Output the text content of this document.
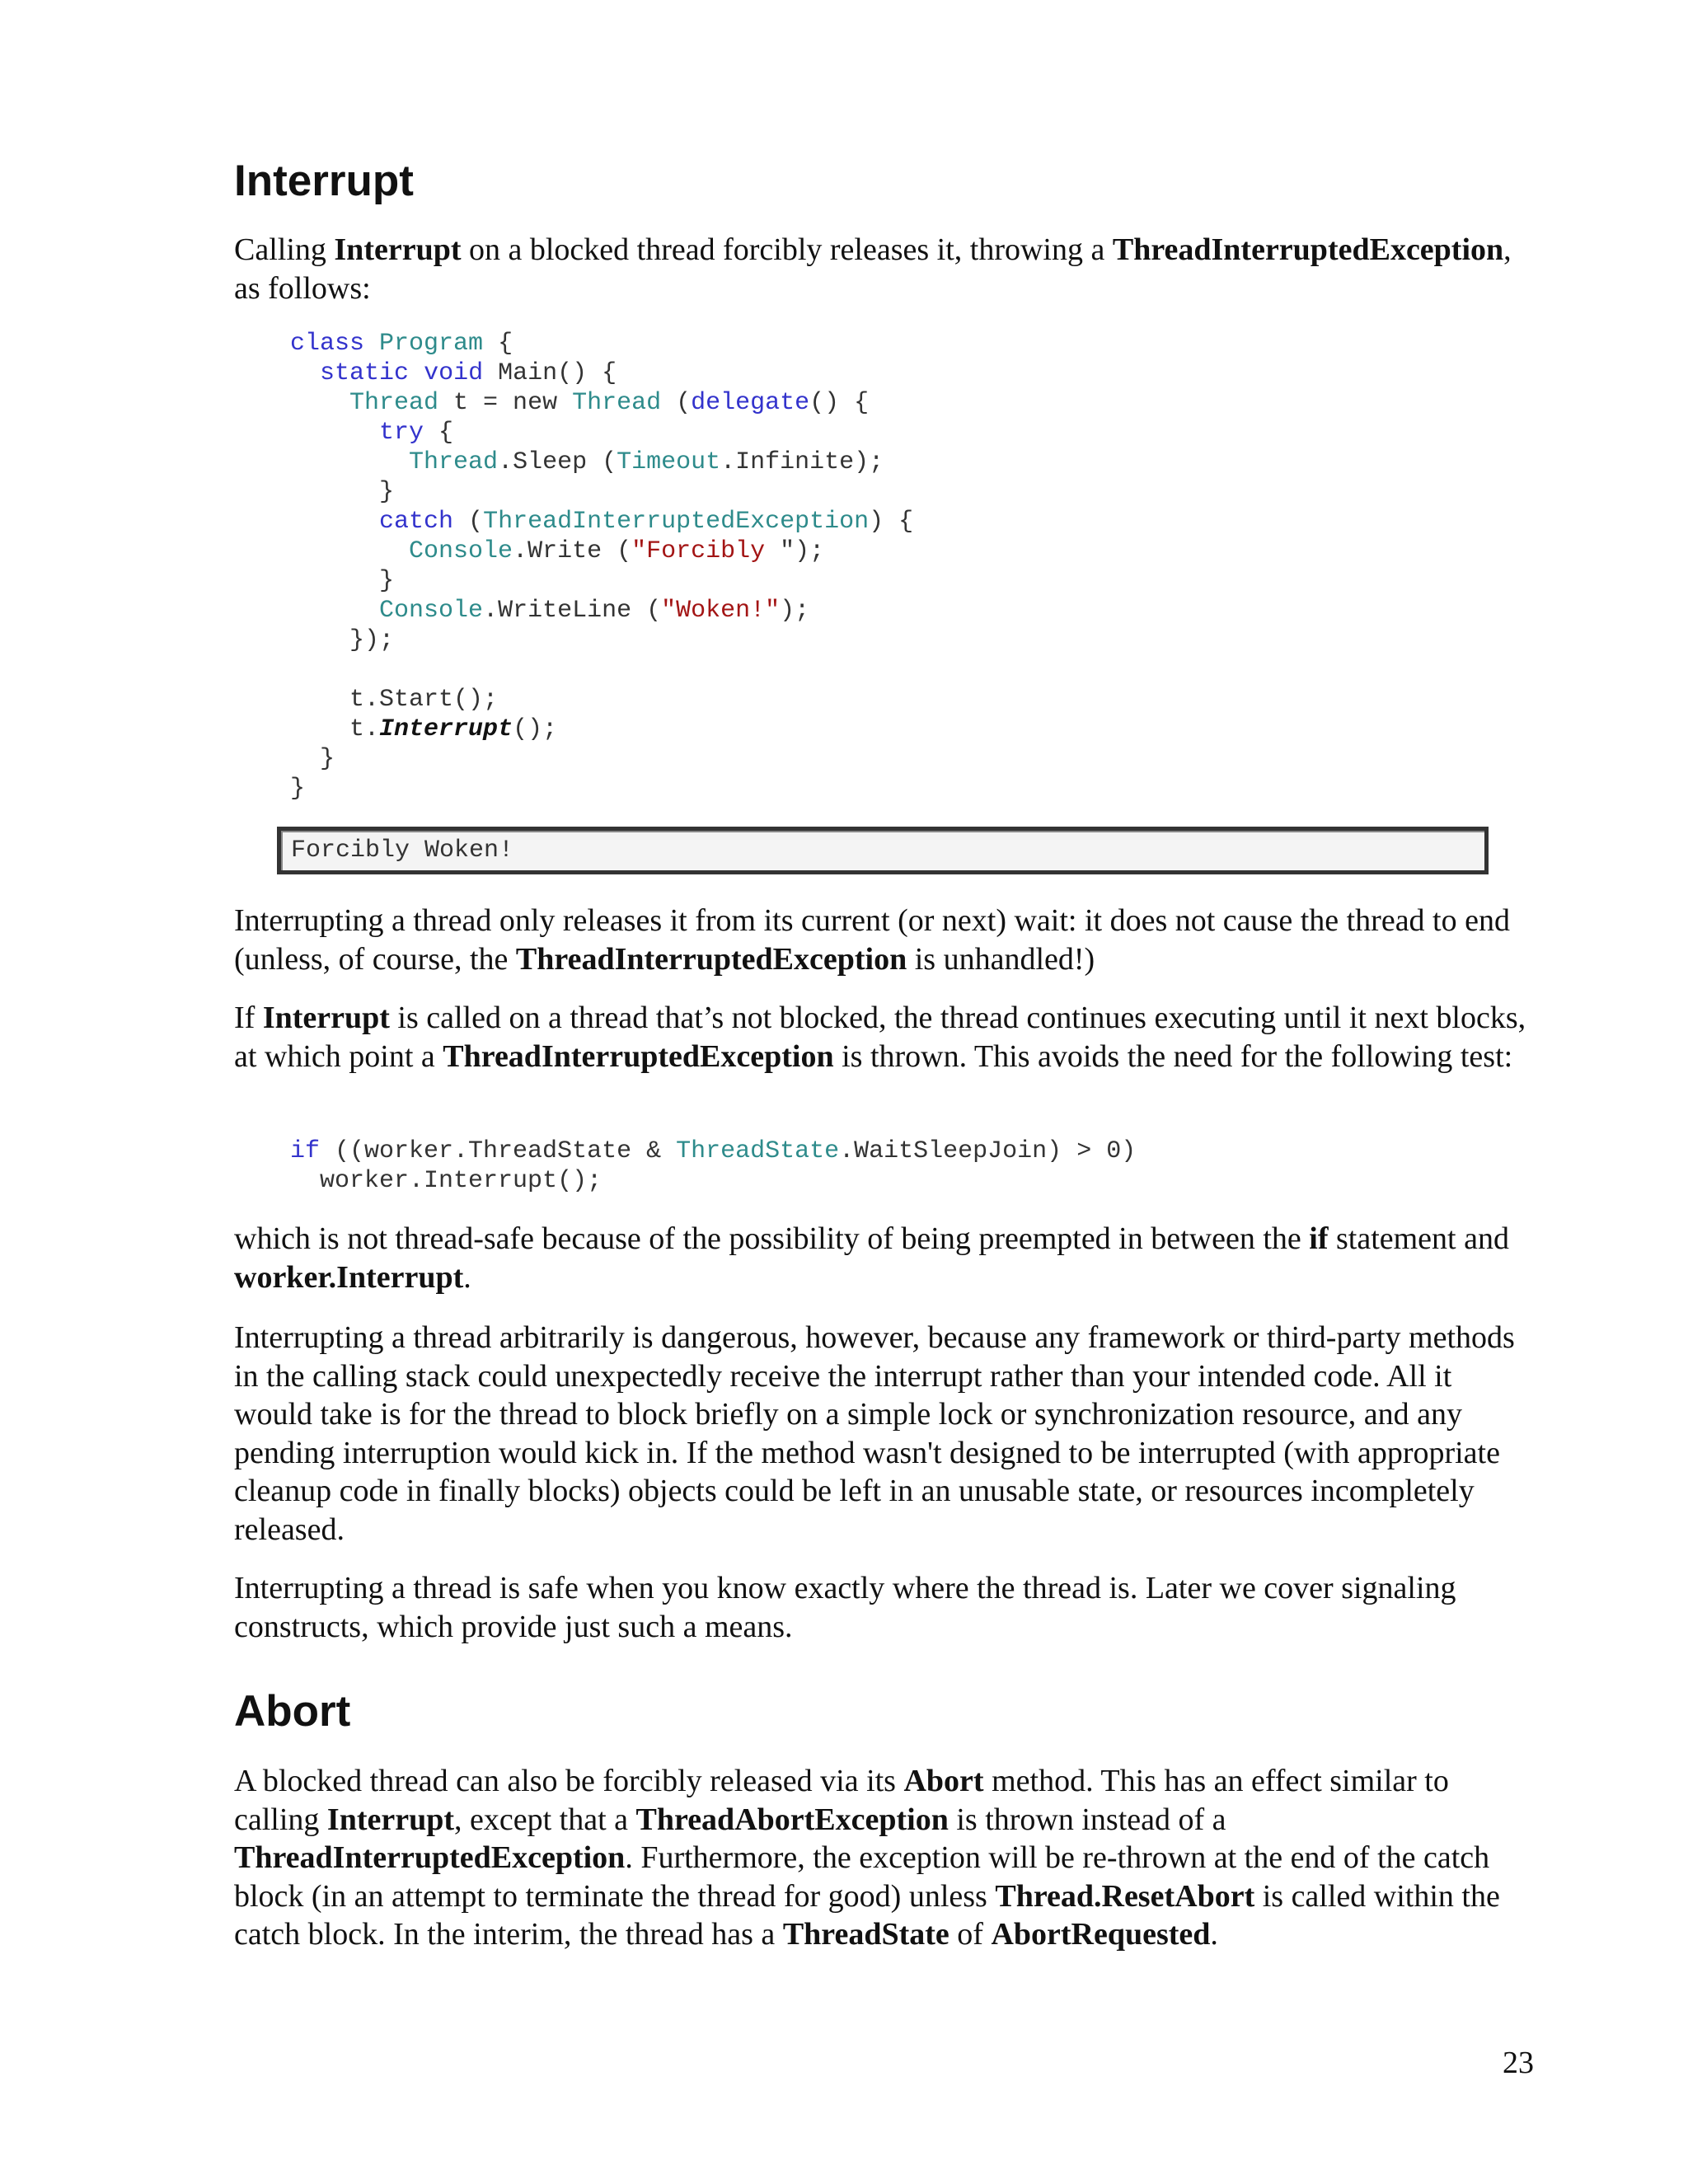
Interrupt

Calling Interrupt on a blocked thread forcibly releases it, throwing a ThreadInterruptedException, as follows:

class Program {
static void Main() {
Thread t = new Thread (delegate() {
try {
Thread.Sleep (Timeout.Infinite);
}
catch (ThreadInterruptedException) {
Console.Write ("Forcibly ");
}
Console.WriteLine ("Woken!");
});

t.Start();
t.Interrupt();
}
}
Forcibly Woken!

Interrupting a thread only releases it from its current (or next) wait: it does not cause the thread to end (unless, of course, the ThreadInterruptedException is unhandled!)

If Interrupt is called on a thread that’s not blocked, the thread continues executing until it next blocks, at which point a ThreadInterruptedException is thrown. This avoids the need for the following test:

if ((worker.ThreadState & ThreadState.WaitSleepJoin) > 0)
worker.Interrupt();

which is not thread-safe because of the possibility of being preempted in between the if statement and worker.Interrupt.

Interrupting a thread arbitrarily is dangerous, however, because any framework or third-party methods in the calling stack could unexpectedly receive the interrupt rather than your intended code. All it would take is for the thread to block briefly on a simple lock or synchronization resource, and any pending interruption would kick in. If the method wasn't designed to be interrupted (with appropriate cleanup code in finally blocks) objects could be left in an unusable state, or resources incompletely released.

Interrupting a thread is safe when you know exactly where the thread is. Later we cover signaling constructs, which provide just such a means.

Abort

A blocked thread can also be forcibly released via its Abort method. This has an effect similar to calling Interrupt, except that a ThreadAbortException is thrown instead of a ThreadInterruptedException. Furthermore, the exception will be re-thrown at the end of the catch block (in an attempt to terminate the thread for good) unless Thread.ResetAbort is called within the catch block. In the interim, the thread has a ThreadState of AbortRequested.

23
